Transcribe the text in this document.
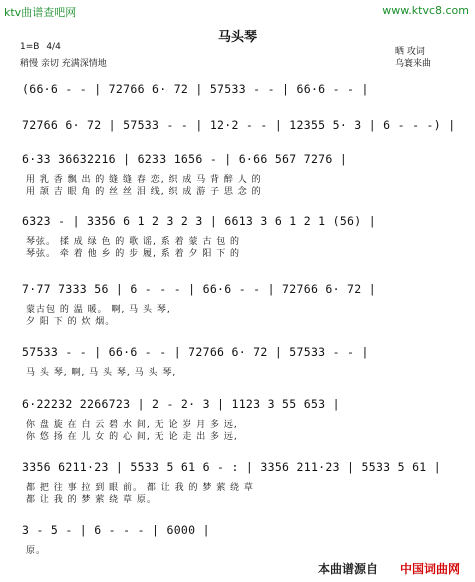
ktv曲谱查吧网	www.ktvc8.com
马头琴
1=B 4/4
稍慢 亲切 充满深情地
晒 攻词
乌寰来曲
(66·6 - - | 72766 6· 72 | 57533 - - | 66·6 - - |
72766 6· 72 | 57533 - - | 12·2 - - | 12355 5· 3 | 6 - - -) |
6·33 36632216 | 6233 1656 - | 6·66 567 7276 |
用 乳 香 飘 出 的 缝 缝 春 恋, 织 成 马 背 醉 人 的
用 颉 吉 眼 角 的 丝 丝 泪 线, 织 成 游 子 思 念 的
6323 - | 3356 6 1 2 3 2 3 | 6613 3 6 1 2 1 (56) |
琴弦。 揉 成 绿 色 的 歌 谣, 系 着 蒙 古 包 的
琴弦。 牵 着 他 乡 的 步 履, 系 着 夕 阳 下 的
7·77 7333 56 | 6 - - - | 66·6 - - | 72766 6· 72 |
蒙古包 的 温 暖。 啊, 马 头 琴,
夕 阳 下 的 炊 烟。
57533 - - | 66·6 - - | 72766 6· 72 | 57533 - - |
马 头 琴, 啊, 马 头 琴, 马 头 琴,
6·22232 2266723 | 2 - 2· 3 | 1123 3 55 653 |
你 盘 旋 在 白 云 碧 水 间, 无 论 岁 月 多 远,
你 悠 扬 在 儿 女 的 心 间, 无 论 走 出 多 远,
3356 6211·23 | 5533 5 61 6 - : | 3356 211·23 | 5533 5 61 |
都 把 往 事 拉 到 眼 前。 都 让 我 的 梦 萦 绕 草
都 让 我 的 梦 萦 绕 草 原。
3 - 5 - | 6 - - - | 6000 |
原。
本曲谱源自 中国词曲网
